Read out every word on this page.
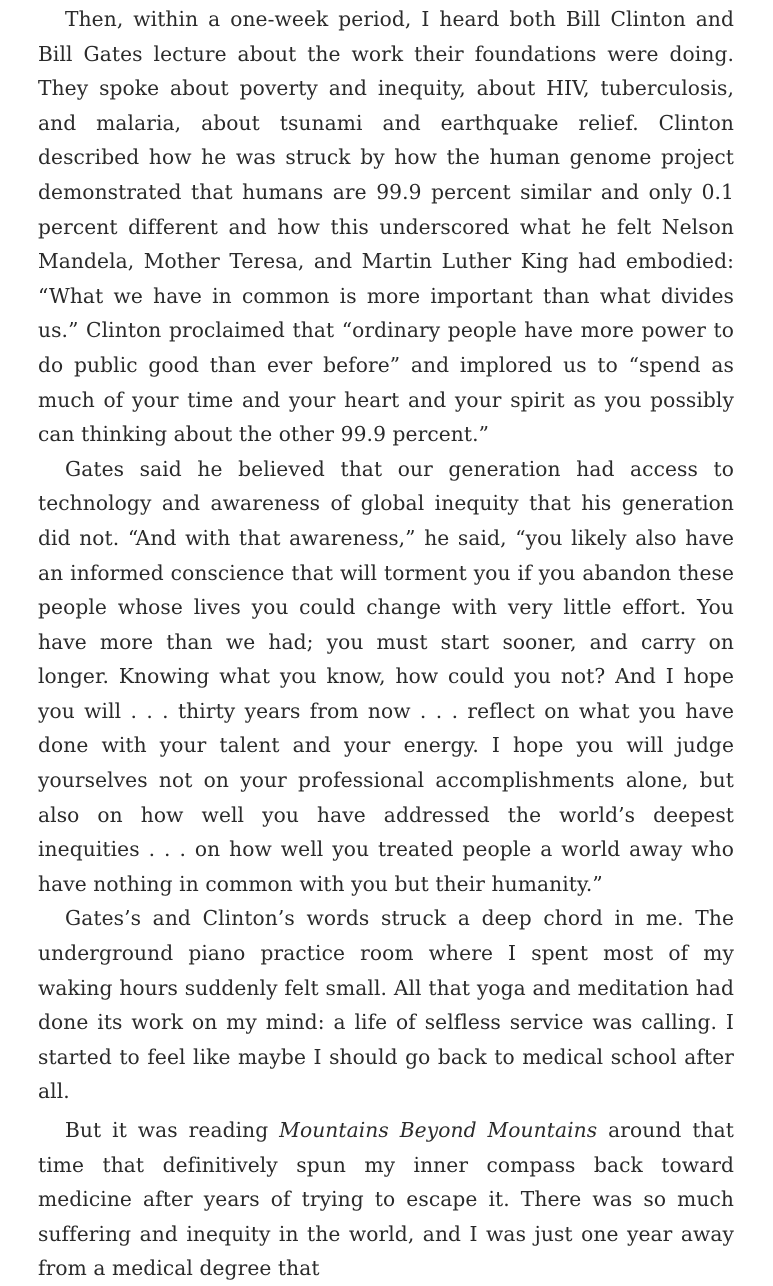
Then, within a one-week period, I heard both Bill Clinton and Bill Gates lecture about the work their foundations were doing. They spoke about poverty and inequity, about HIV, tuberculosis, and malaria, about tsunami and earthquake relief. Clinton described how he was struck by how the human genome project demonstrated that humans are 99.9 percent similar and only 0.1 percent different and how this underscored what he felt Nelson Mandela, Mother Teresa, and Martin Luther King had embodied: “What we have in common is more important than what divides us.” Clinton proclaimed that “ordinary people have more power to do public good than ever before” and implored us to “spend as much of your time and your heart and your spirit as you possibly can thinking about the other 99.9 percent.”

Gates said he believed that our generation had access to technology and awareness of global inequity that his generation did not. “And with that awareness,” he said, “you likely also have an informed conscience that will torment you if you abandon these people whose lives you could change with very little effort. You have more than we had; you must start sooner, and carry on longer. Knowing what you know, how could you not? And I hope you will . . . thirty years from now . . . reflect on what you have done with your talent and your energy. I hope you will judge yourselves not on your professional accomplishments alone, but also on how well you have addressed the world’s deepest inequities . . . on how well you treated people a world away who have nothing in common with you but their humanity.”

Gates’s and Clinton’s words struck a deep chord in me. The underground piano practice room where I spent most of my waking hours suddenly felt small. All that yoga and meditation had done its work on my mind: a life of selfless service was calling. I started to feel like maybe I should go back to medical school after all.

But it was reading Mountains Beyond Mountains around that time that definitively spun my inner compass back toward medicine after years of trying to escape it. There was so much suffering and inequity in the world, and I was just one year away from a medical degree that
